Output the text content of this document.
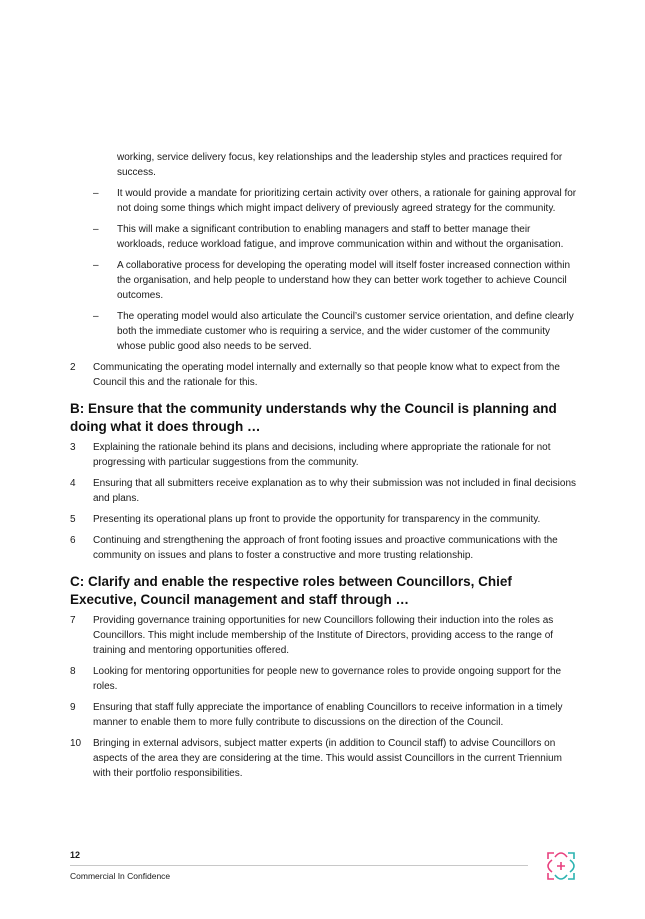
working, service delivery focus, key relationships and the leadership styles and practices required for success.

–	It would provide a mandate for prioritizing certain activity over others, a rationale for gaining approval for not doing some things which might impact delivery of previously agreed strategy for the community.
–	This will make a significant contribution to enabling managers and staff to better manage their workloads, reduce workload fatigue, and improve communication within and without the organisation.
–	A collaborative process for developing the operating model will itself foster increased connection within the organisation, and help people to understand how they can better work together to achieve Council outcomes.
–	The operating model would also articulate the Council’s customer service orientation, and define clearly both the immediate customer who is requiring a service, and the wider customer of the community whose public good also needs to be served.
2	Communicating the operating model internally and externally so that people know what to expect from the Council this and the rationale for this.
B: Ensure that the community understands why the Council is planning and doing what it does through …
3	Explaining the rationale behind its plans and decisions, including where appropriate the rationale for not progressing with particular suggestions from the community.
4	Ensuring that all submitters receive explanation as to why their submission was not included in final decisions and plans.
5	Presenting its operational plans up front to provide the opportunity for transparency in the community.
6	Continuing and strengthening the approach of front footing issues and proactive communications with the community on issues and plans to foster a constructive and more trusting relationship.
C: Clarify and enable the respective roles between Councillors, Chief Executive, Council management and staff through …
7	Providing governance training opportunities for new Councillors following their induction into the roles as Councillors. This might include membership of the Institute of Directors, providing access to the range of training and mentoring opportunities offered.
8	Looking for mentoring opportunities for people new to governance roles to provide ongoing support for the roles.
9	Ensuring that staff fully appreciate the importance of enabling Councillors to receive information in a timely manner to enable them to more fully contribute to discussions on the direction of the Council.
10	Bringing in external advisors, subject matter experts (in addition to Council staff) to advise Councillors on aspects of the area they are considering at the time. This would assist Councillors in the current Triennium with their portfolio responsibilities.
12
Commercial In Confidence
